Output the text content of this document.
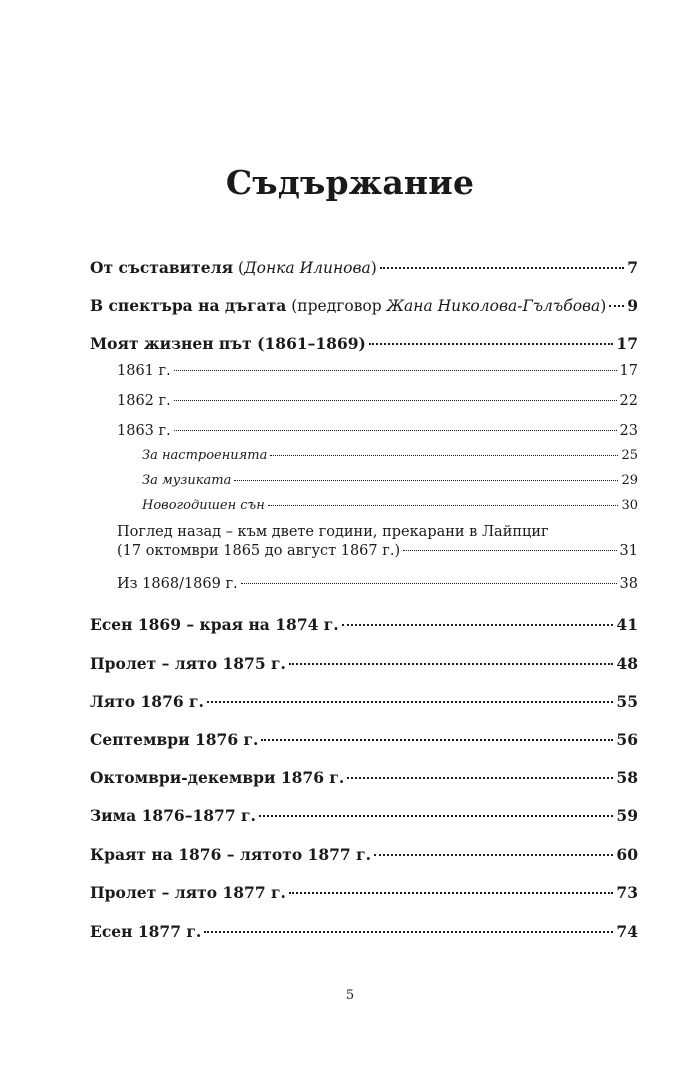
Съдържание
От съставителя (Донка Илинова)	7
В спектъра на дъгата (предговор Жана Николова-Гълъбова) 9
Моят жизнен път (1861–1869)	17
1861 г.	17
1862 г.	22
1863 г.	23
За настроенията	25
За музиката	29
Новогодишен сън	30
Поглед назад – към двете години, прекарани в Лайпциг
(17 октомври 1865 до август 1867 г.)	31
Из 1868/1869 г.	38
Есен 1869 – края на 1874 г.	41
Пролет – лято 1875 г.	48
Лято 1876 г.	55
Септември 1876 г.	56
Октомври-декември 1876 г.	58
Зима 1876–1877 г.	59
Краят на 1876 – лятото 1877 г.	60
Пролет – лято 1877 г.	73
Есен 1877 г.	74
5
